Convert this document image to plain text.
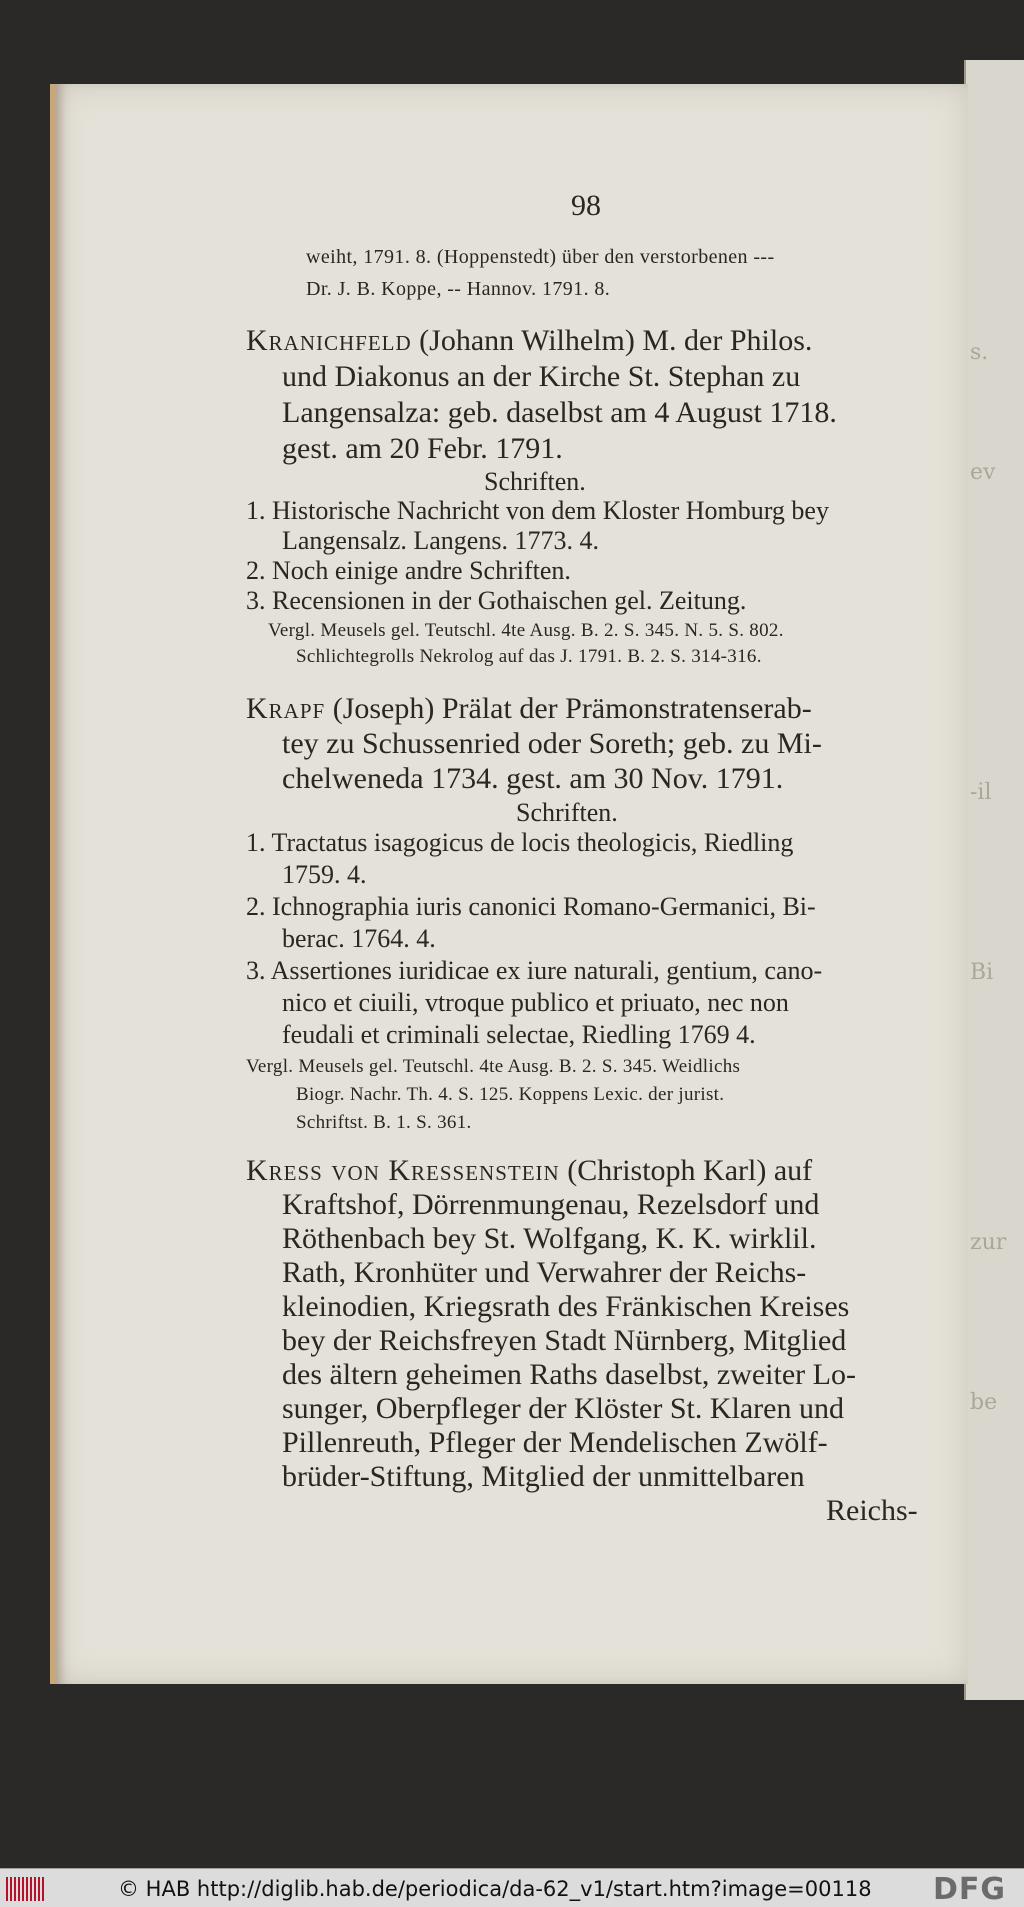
s.
ev
-il
Bi
zur
be
98
weiht, 1791. 8. (Hoppenstedt) über den verstorbenen ---
Dr. J. B. Koppe, -- Hannov. 1791. 8.
Kranichfeld (Johann Wilhelm) M. der Philos.
und Diakonus an der Kirche St. Stephan zu
Langensalza: geb. daselbst am 4 August 1718.
gest. am 20 Febr. 1791.
Schriften.
1. Historische Nachricht von dem Kloster Homburg bey
Langensalz. Langens. 1773. 4.
2. Noch einige andre Schriften.
3. Recensionen in der Gothaischen gel. Zeitung.
Vergl. Meusels gel. Teutschl. 4te Ausg. B. 2. S. 345. N. 5. S. 802.
Schlichtegrolls Nekrolog auf das J. 1791. B. 2. S. 314-316.
Krapf (Joseph) Prälat der Prämonstratenserab-
tey zu Schussenried oder Soreth; geb. zu Mi-
chelweneda 1734. gest. am 30 Nov. 1791.
Schriften.
1. Tractatus isagogicus de locis theologicis, Riedling
1759. 4.
2. Ichnographia iuris canonici Romano-Germanici, Bi-
berac. 1764. 4.
3. Assertiones iuridicae ex iure naturali, gentium, cano-
nico et ciuili, vtroque publico et priuato, nec non
feudali et criminali selectae, Riedling 1769 4.
Vergl. Meusels gel. Teutschl. 4te Ausg. B. 2. S. 345. Weidlichs
Biogr. Nachr. Th. 4. S. 125. Koppens Lexic. der jurist.
Schriftst. B. 1. S. 361.
Kress von Kressenstein (Christoph Karl) auf
Kraftshof, Dörrenmungenau, Rezelsdorf und
Röthenbach bey St. Wolfgang, K. K. wirklil.
Rath, Kronhüter und Verwahrer der Reichs-
kleinodien, Kriegsrath des Fränkischen Kreises
bey der Reichsfreyen Stadt Nürnberg, Mitglied
des ältern geheimen Raths daselbst, zweiter Lo-
sunger, Oberpfleger der Klöster St. Klaren und
Pillenreuth, Pfleger der Mendelischen Zwölf-
brüder-Stiftung, Mitglied der unmittelbaren
Reichs-
© HAB http://diglib.hab.de/periodica/da-62_v1/start.htm?image=00118 DFG
